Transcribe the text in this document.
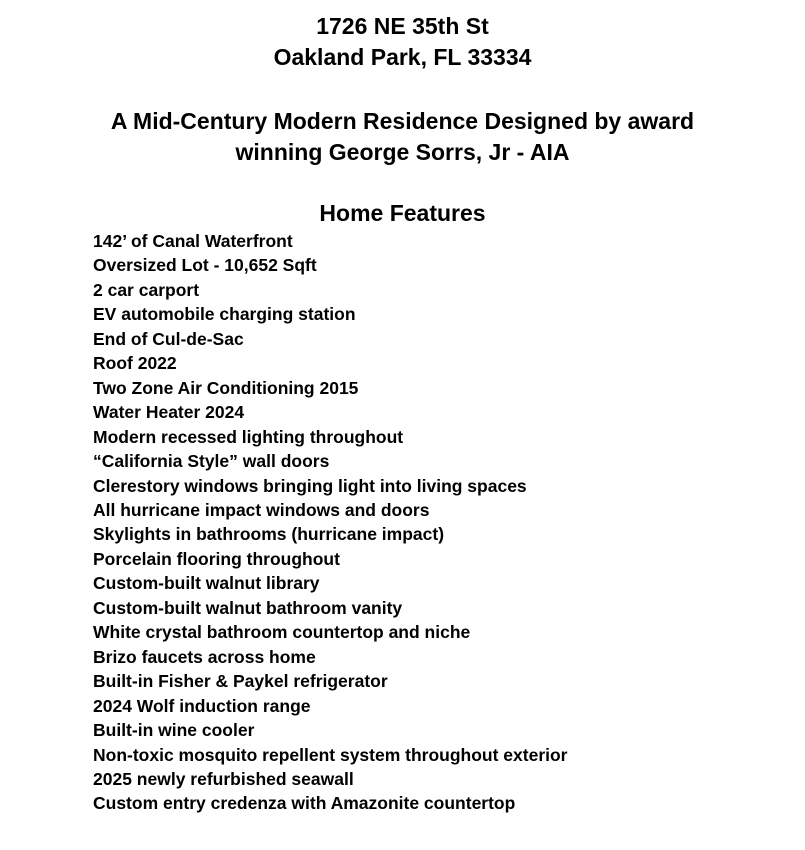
1726 NE 35th St
Oakland Park, FL 33334
A Mid-Century Modern Residence Designed by award
winning George Sorrs, Jr - AIA
Home Features
142’ of Canal Waterfront
Oversized Lot - 10,652 Sqft
2 car carport
EV automobile charging station
End of Cul-de-Sac
Roof 2022
Two Zone Air Conditioning 2015
Water Heater 2024
Modern recessed lighting throughout
“California Style” wall doors
Clerestory windows bringing light into living spaces
All hurricane impact windows and doors
Skylights in bathrooms (hurricane impact)
Porcelain flooring throughout
Custom-built walnut library
Custom-built walnut bathroom vanity
White crystal bathroom countertop and niche
Brizo faucets across home
Built-in Fisher & Paykel refrigerator
2024 Wolf induction range
Built-in wine cooler
Non-toxic mosquito repellent system throughout exterior
2025 newly refurbished seawall
Custom entry credenza with Amazonite countertop
